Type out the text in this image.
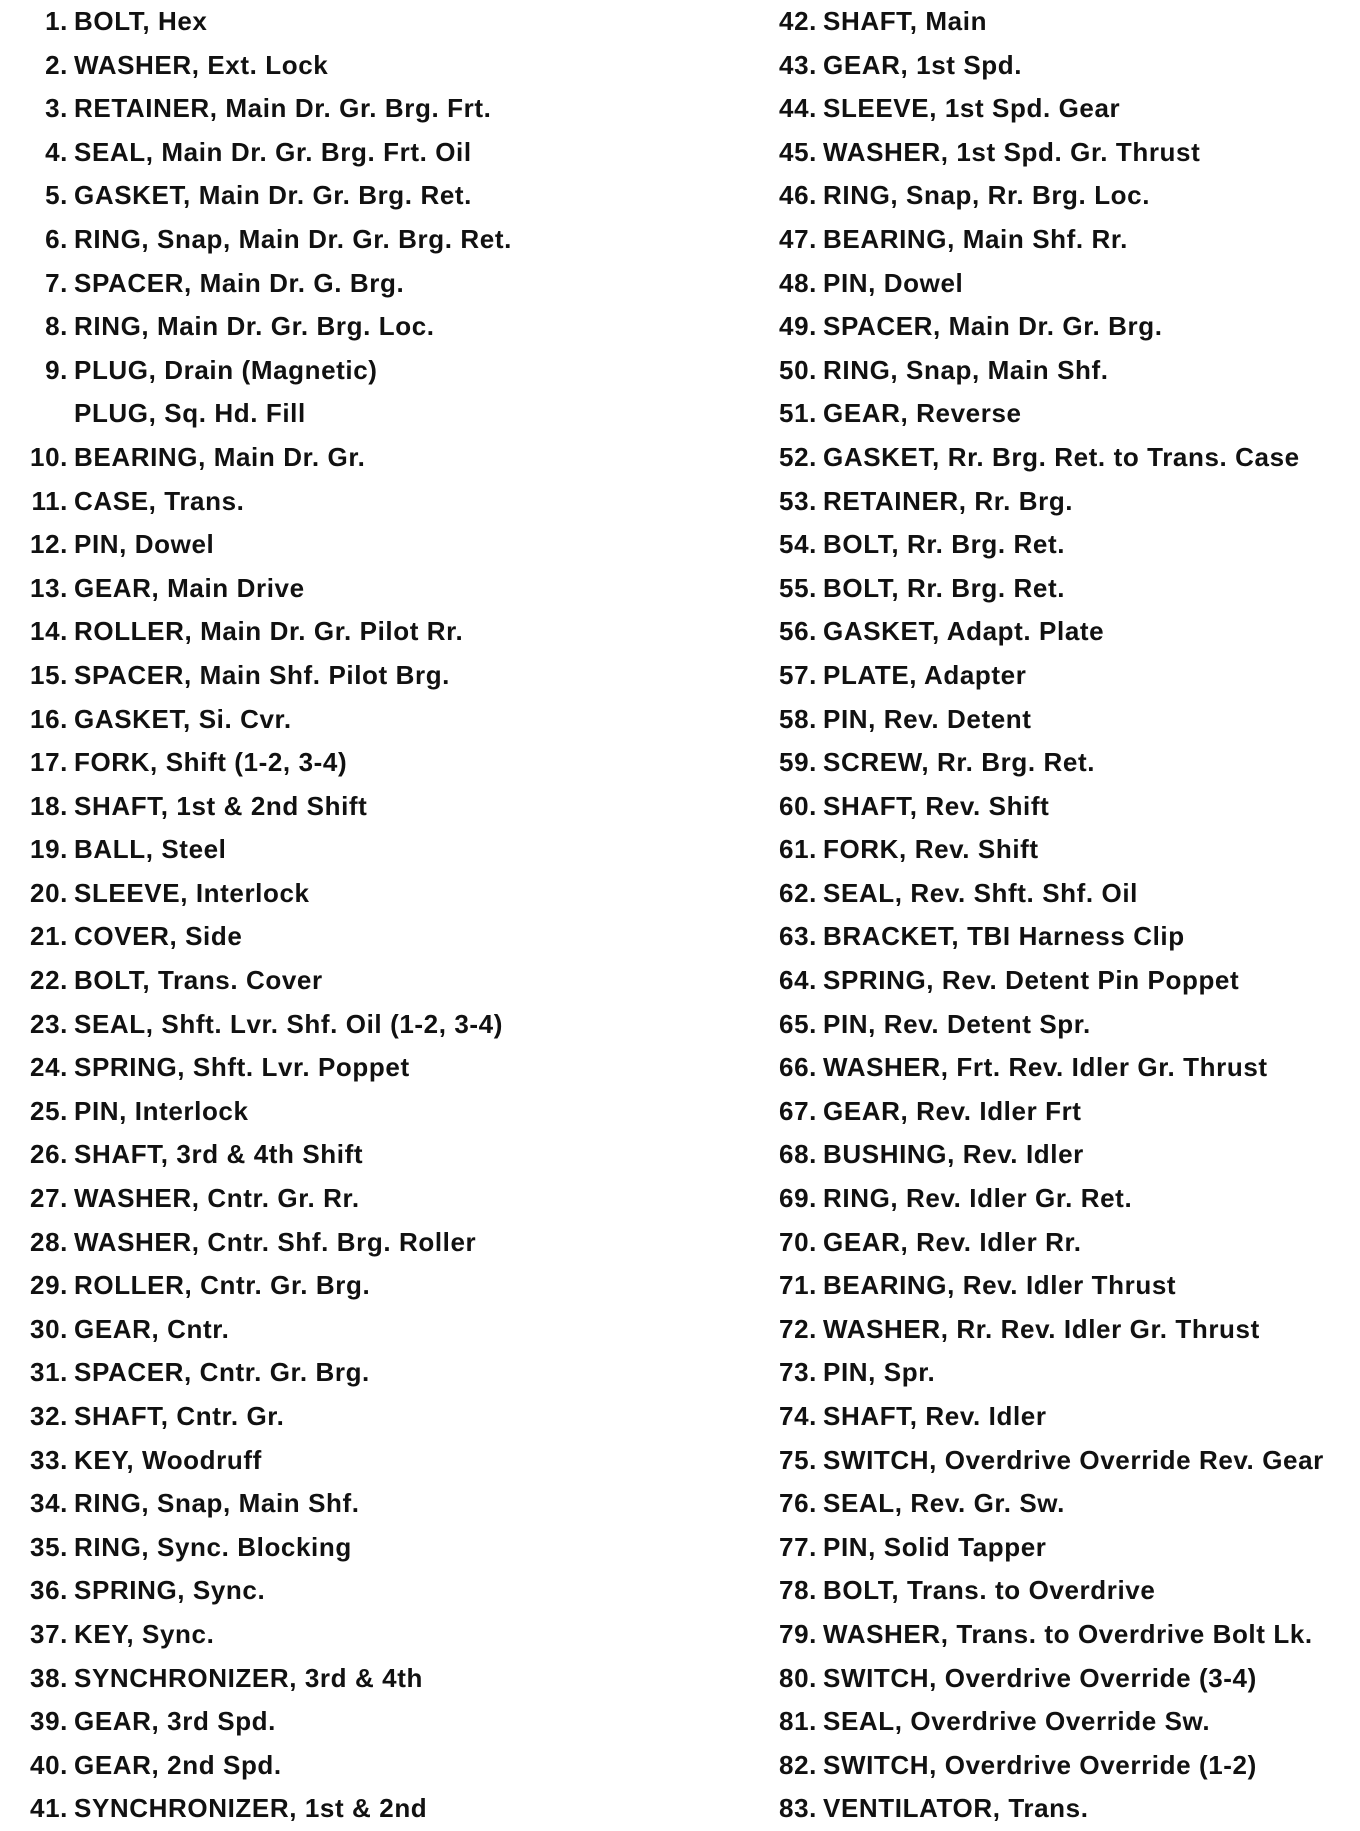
1. BOLT, Hex
2. WASHER, Ext. Lock
3. RETAINER, Main Dr. Gr. Brg. Frt.
4. SEAL, Main Dr. Gr. Brg. Frt. Oil
5. GASKET, Main Dr. Gr. Brg. Ret.
6. RING, Snap, Main Dr. Gr. Brg. Ret.
7. SPACER, Main Dr. G. Brg.
8. RING, Main Dr. Gr. Brg. Loc.
9. PLUG, Drain (Magnetic)
PLUG, Sq. Hd. Fill
10. BEARING, Main Dr. Gr.
11. CASE, Trans.
12. PIN, Dowel
13. GEAR, Main Drive
14. ROLLER, Main Dr. Gr. Pilot Rr.
15. SPACER, Main Shf. Pilot Brg.
16. GASKET, Si. Cvr.
17. FORK, Shift (1-2, 3-4)
18. SHAFT, 1st & 2nd Shift
19. BALL, Steel
20. SLEEVE, Interlock
21. COVER, Side
22. BOLT, Trans. Cover
23. SEAL, Shft. Lvr. Shf. Oil (1-2, 3-4)
24. SPRING, Shft. Lvr. Poppet
25. PIN, Interlock
26. SHAFT, 3rd & 4th Shift
27. WASHER, Cntr. Gr. Rr.
28. WASHER, Cntr. Shf. Brg. Roller
29. ROLLER, Cntr. Gr. Brg.
30. GEAR, Cntr.
31. SPACER, Cntr. Gr. Brg.
32. SHAFT, Cntr. Gr.
33. KEY, Woodruff
34. RING, Snap, Main Shf.
35. RING, Sync. Blocking
36. SPRING, Sync.
37. KEY, Sync.
38. SYNCHRONIZER, 3rd & 4th
39. GEAR, 3rd Spd.
40. GEAR, 2nd Spd.
41. SYNCHRONIZER, 1st & 2nd
42. SHAFT, Main
43. GEAR, 1st Spd.
44. SLEEVE, 1st Spd. Gear
45. WASHER, 1st Spd. Gr. Thrust
46. RING, Snap, Rr. Brg. Loc.
47. BEARING, Main Shf. Rr.
48. PIN, Dowel
49. SPACER, Main Dr. Gr. Brg.
50. RING, Snap, Main Shf.
51. GEAR, Reverse
52. GASKET, Rr. Brg. Ret. to Trans. Case
53. RETAINER, Rr. Brg.
54. BOLT, Rr. Brg. Ret.
55. BOLT, Rr. Brg. Ret.
56. GASKET, Adapt. Plate
57. PLATE, Adapter
58. PIN, Rev. Detent
59. SCREW, Rr. Brg. Ret.
60. SHAFT, Rev. Shift
61. FORK, Rev. Shift
62. SEAL, Rev. Shft. Shf. Oil
63. BRACKET, TBI Harness Clip
64. SPRING, Rev. Detent Pin Poppet
65. PIN, Rev. Detent Spr.
66. WASHER, Frt. Rev. Idler Gr. Thrust
67. GEAR, Rev. Idler Frt
68. BUSHING, Rev. Idler
69. RING, Rev. Idler Gr. Ret.
70. GEAR, Rev. Idler Rr.
71. BEARING, Rev. Idler Thrust
72. WASHER, Rr. Rev. Idler Gr. Thrust
73. PIN, Spr.
74. SHAFT, Rev. Idler
75. SWITCH, Overdrive Override Rev. Gear
76. SEAL, Rev. Gr. Sw.
77. PIN, Solid Tapper
78. BOLT, Trans. to Overdrive
79. WASHER, Trans. to Overdrive Bolt Lk.
80. SWITCH, Overdrive Override (3-4)
81. SEAL, Overdrive Override Sw.
82. SWITCH, Overdrive Override (1-2)
83. VENTILATOR, Trans.
